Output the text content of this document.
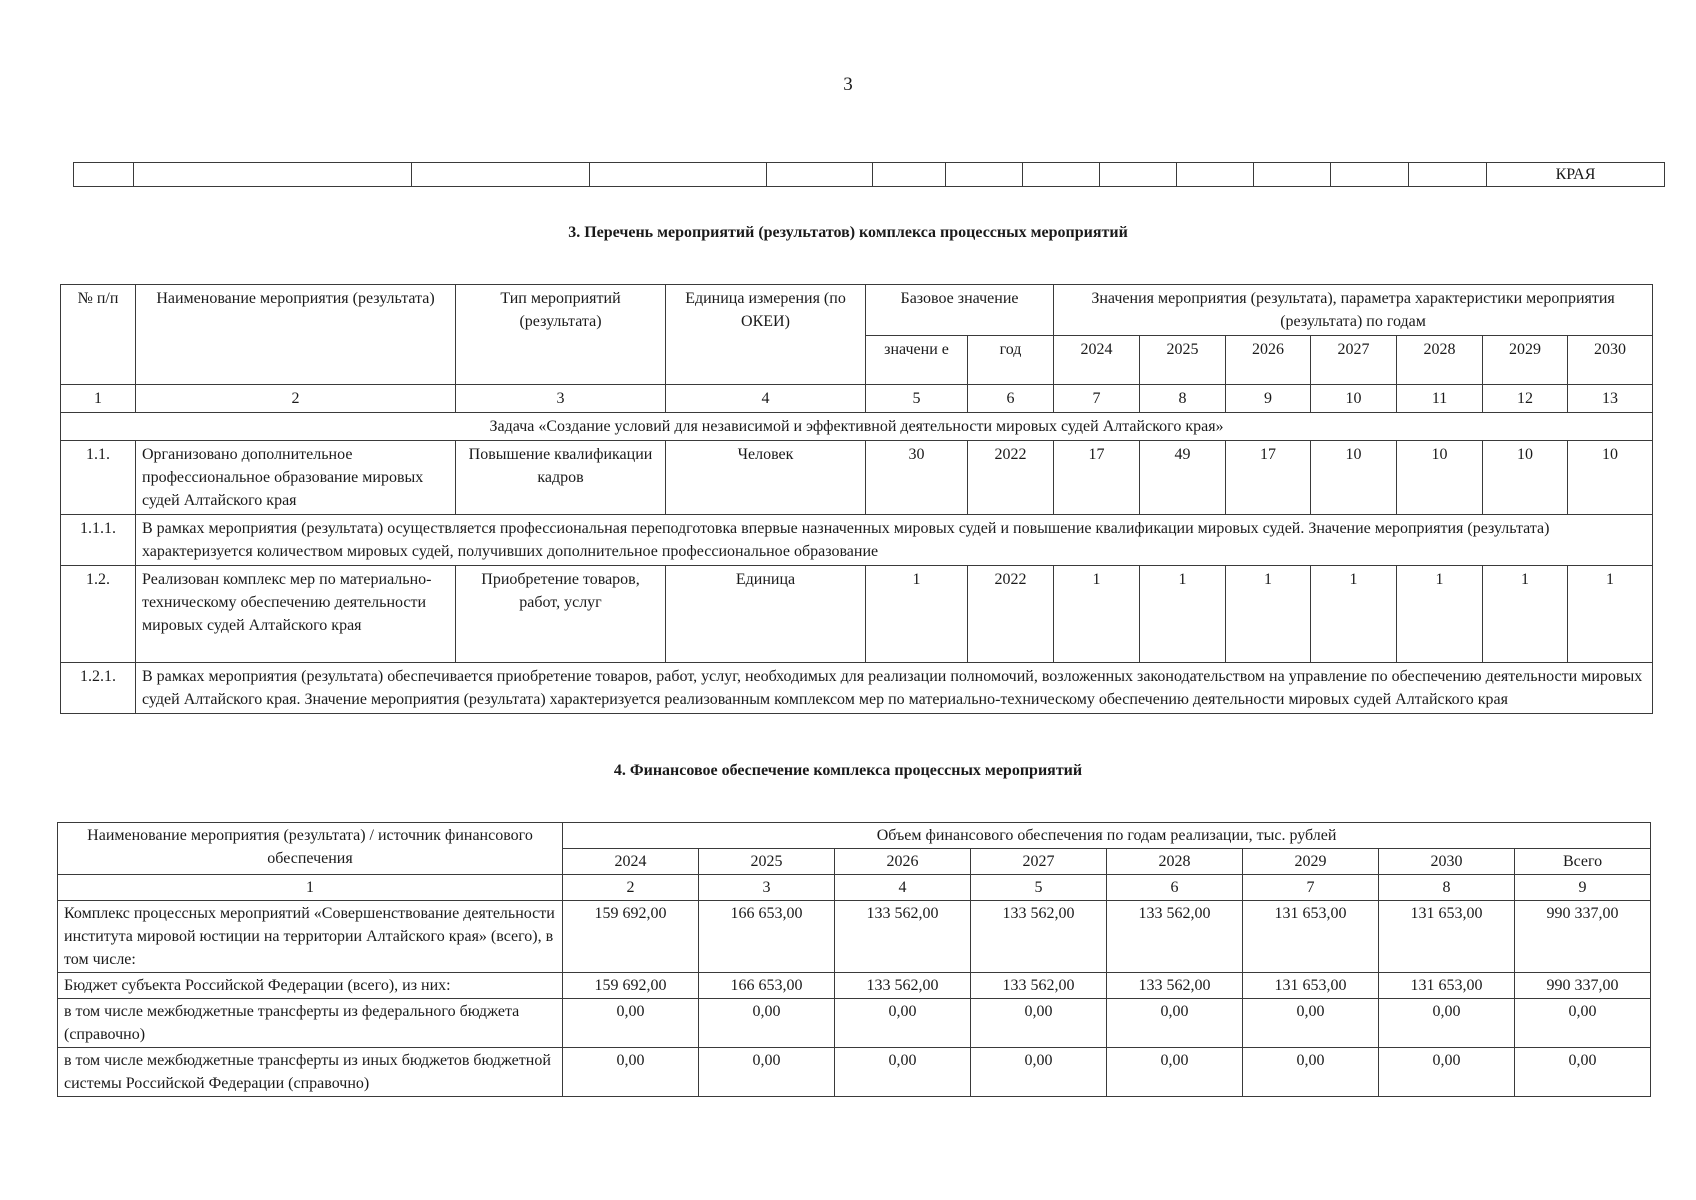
3
													КРАЯ
3. Перечень мероприятий (результатов) комплекса процессных мероприятий
№ п/п	Наименование мероприятия (результата)	Тип мероприятий (результата)	Единица измерения (по ОКЕИ)	Базовое значение		Значения мероприятия (результата), параметра характеристики мероприятия (результата) по годам						
				значени е	год	2024	2025	2026	2027	2028	2029	2030
1	2	3	4	5	6	7	8	9	10	11	12	13
Задача «Создание условий для независимой и эффективной деятельности мировых судей Алтайского края»												
1.1.	Организовано дополнительное профессиональное образование мировых судей Алтайского края	Повышение квалификации кадров	Человек	30	2022	17	49	17	10	10	10	10
1.1.1.	В рамках мероприятия (результата) осуществляется профессиональная переподготовка впервые назначенных мировых судей и повышение квалификации мировых судей. Значение мероприятия (результата) характеризуется количеством мировых судей, получивших дополнительное профессиональное образование											
1.2.	Реализован комплекс мер по материально-техническому обеспечению деятельности мировых судей Алтайского края	Приобретение товаров, работ, услуг	Единица	1	2022	1	1	1	1	1	1	1
1.2.1.	В рамках мероприятия (результата) обеспечивается приобретение товаров, работ, услуг, необходимых для реализации полномочий, возложенных законодательством на управление по обеспечению деятельности мировых судей Алтайского края. Значение мероприятия (результата) характеризуется реализованным комплексом мер по материально-техническому обеспечению деятельности мировых судей Алтайского края											
4. Финансовое обеспечение комплекса процессных мероприятий
Наименование мероприятия (результата) / источник финансового обеспечения	Объем финансового обеспечения по годам реализации, тыс. рублей							
	2024	2025	2026	2027	2028	2029	2030	Всего
1	2	3	4	5	6	7	8	9
Комплекс процессных мероприятий «Совершенствование деятельности института мировой юстиции на территории Алтайского края» (всего), в том числе:	159 692,00	166 653,00	133 562,00	133 562,00	133 562,00	131 653,00	131 653,00	990 337,00
Бюджет субъекта Российской Федерации (всего), из них:	159 692,00	166 653,00	133 562,00	133 562,00	133 562,00	131 653,00	131 653,00	990 337,00
в том числе межбюджетные трансферты из федерального бюджета (справочно)	0,00	0,00	0,00	0,00	0,00	0,00	0,00	0,00
в том числе межбюджетные трансферты из иных бюджетов бюджетной системы Российской Федерации (справочно)	0,00	0,00	0,00	0,00	0,00	0,00	0,00	0,00
